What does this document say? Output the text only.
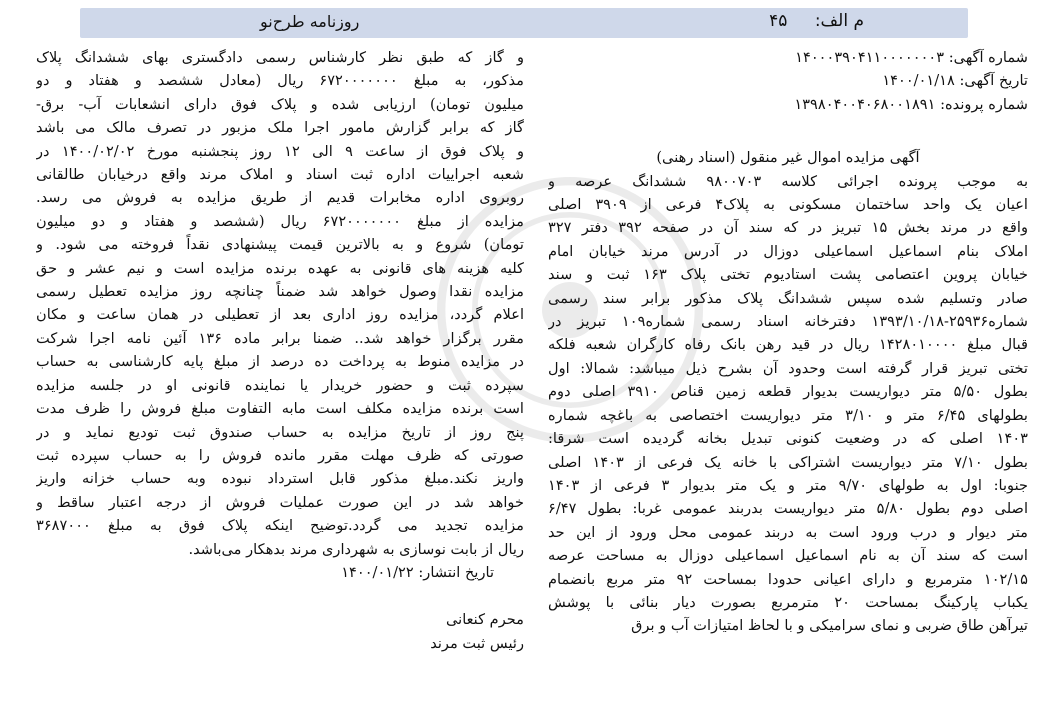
م الف: ۴۵
روزنامه طرح‌نو
شماره آگهی: ۱۴۰۰۰۳۹۰۴۱۱۰۰۰۰۰۰۰۳
تاریخ آگهی: ۱۴۰۰/۰۱/۱۸
شماره پرونده: ۱۳۹۸۰۴۰۰۴۰۶۸۰۰۱۸۹۱
آگهی مزایده اموال غیر منقول (اسناد رهنی)
به موجب پرونده اجرائی کلاسه ۹۸۰۰۷۰۳ ششدانگ عرصه و
اعیان یک واحد ساختمان مسکونی به پلاک۴ فرعی از ۳۹۰۹ اصلی
واقع در مرند بخش ۱۵ تبریز در که سند آن در صفحه ۳۹۲ دفتر ۳۲۷
املاک بنام اسماعیل اسماعیلی دوزال در آدرس مرند خیابان امام
خیابان پروین اعتصامی پشت استادیوم تختی پلاک ۱۶۳ ثبت و سند
صادر وتسلیم شده سپس ششدانگ پلاک مذکور برابر سند رسمی
شماره۲۵۹۳۶-۱۳۹۳/۱۰/۱۸ دفترخانه اسناد رسمی شماره۱۰۹ تبریز در
قبال مبلغ ۱۴۲۸۰۱۰۰۰۰ ریال در قید رهن بانک رفاه کارگران شعبه فلکه
تختی تبریز قرار گرفته است وحدود آن بشرح ذیل میباشد: شمالا: اول
بطول ۵/۵۰ متر دیواریست بدیوار قطعه زمین قناص ۳۹۱۰ اصلی دوم
بطولهای ۶/۴۵ متر و ۳/۱۰ متر دیواریست اختصاصی به باغچه شماره
۱۴۰۳ اصلی که در وضعیت کنونی تبدیل بخانه گردیده است شرقا:
بطول ۷/۱۰ متر دیواریست اشتراکی با خانه یک فرعی از ۱۴۰۳ اصلی
جنوبا: اول به طولهای ۹/۷۰ متر و یک متر بدیوار ۳ فرعی از ۱۴۰۳
اصلی دوم بطول ۵/۸۰ متر دیواریست بدربند عمومی غربا: بطول ۶/۴۷
متر دیوار و درب ورود است به دربند عمومی محل ورود از این حد
است که سند آن به نام اسماعیل اسماعیلی دوزال به مساحت عرصه
۱۰۲/۱۵ مترمربع و دارای اعیانی حدودا بمساحت ۹۲ متر مربع بانضمام
یکباب پارکینگ بمساحت ۲۰ مترمربع بصورت دیار بنائی با پوشش
تیرآهن طاق ضربی و نمای سرامیکی و با لحاظ امتیازات آب و برق
و گاز که طبق نظر کارشناس رسمی دادگستری بهای ششدانگ پلاک
مذکور، به مبلغ ۶۷۲۰۰۰۰۰۰۰ ریال (معادل ششصد و هفتاد و دو
میلیون تومان) ارزیابی شده و پلاک فوق دارای انشعابات آب- برق-
گاز که برابر گزارش مامور اجرا ملک مزبور در تصرف مالک می باشد
و پلاک فوق از ساعت ۹ الی ۱۲ روز پنجشنبه مورخ ۱۴۰۰/۰۲/۰۲ در
شعبه اجراییات اداره ثبت اسناد و املاک مرند واقع درخیابان طالقانی
روبروی اداره مخابرات قدیم از طریق مزایده به فروش می رسد.
مزایده از مبلغ ۶۷۲۰۰۰۰۰۰۰ ریال (ششصد و هفتاد و دو میلیون
تومان) شروع و به بالاترین قیمت پیشنهادی نقداً فروخته می شود. و
کلیه هزینه های قانونی به عهده برنده مزایده است و نیم عشر و حق
مزایده نقدا وصول خواهد شد ضمناً چنانچه روز مزایده تعطیل رسمی
اعلام گردد، مزایده روز اداری بعد از تعطیلی در همان ساعت و مکان
مقرر برگزار خواهد شد.. ضمنا برابر ماده ۱۳۶ آئین نامه اجرا شرکت
در مزایده منوط به پرداخت ده درصد از مبلغ پایه کارشناسی به حساب
سپرده ثبت و حضور خریدار یا نماینده قانونی او در جلسه مزایده
است برنده مزایده مکلف است مابه التفاوت مبلغ فروش را ظرف مدت
پنج روز از تاریخ مزایده به حساب صندوق ثبت تودیع نماید و در
صورتی که ظرف مهلت مقرر مانده فروش را به حساب سپرده ثبت
واریز نکند.مبلغ مذکور قابل استرداد نبوده وبه حساب خزانه واریز
خواهد شد در این صورت عملیات فروش از درجه اعتبار ساقط و
مزایده تجدید می گردد.توضیح اینکه پلاک فوق به مبلغ ۳۶۸۷۰۰۰
ریال از بابت نوسازی به شهرداری مرند بدهکار می‌باشد.
تاریخ انتشار: ۱۴۰۰/۰۱/۲۲
محرم کنعانی
رئیس ثبت مرند
